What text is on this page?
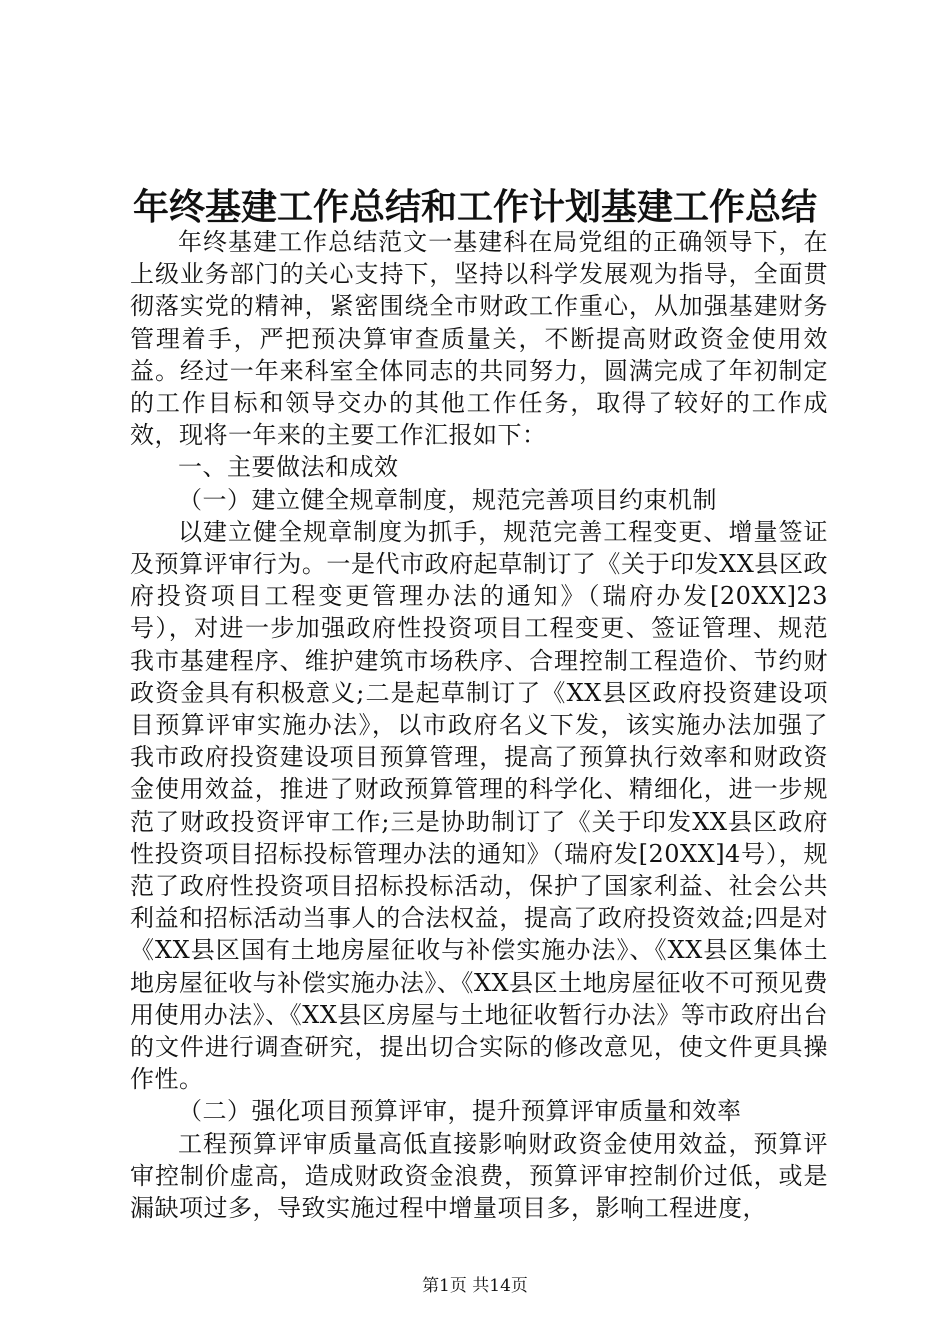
年终基建工作总结和工作计划基建工作总结

年终基建工作总结范文一基建科在局党组的正确领导下，在上级业务部门的关心支持下，坚持以科学发展观为指导，全面贯彻落实党的精神，紧密围绕全市财政工作重心，从加强基建财务管理着手，严把预决算审查质量关，不断提高财政资金使用效益。经过一年来科室全体同志的共同努力，圆满完成了年初制定的工作目标和领导交办的其他工作任务，取得了较好的工作成效，现将一年来的主要工作汇报如下：

一、主要做法和成效

（一）建立健全规章制度，规范完善项目约束机制

以建立健全规章制度为抓手，规范完善工程变更、增量签证及预算评审行为。一是代市政府起草制订了《关于印发XX县区政府投资项目工程变更管理办法的通知》（瑞府办发[20XX]23号），对进一步加强政府性投资项目工程变更、签证管理、规范我市基建程序、维护建筑市场秩序、合理控制工程造价、节约财政资金具有积极意义;二是起草制订了《XX县区政府投资建设项目预算评审实施办法》，以市政府名义下发，该实施办法加强了我市政府投资建设项目预算管理，提高了预算执行效率和财政资金使用效益，推进了财政预算管理的科学化、精细化，进一步规范了财政投资评审工作;三是协助制订了《关于印发XX县区政府性投资项目招标投标管理办法的通知》（瑞府发[20XX]4号），规范了政府性投资项目招标投标活动，保护了国家利益、社会公共利益和招标活动当事人的合法权益，提高了政府投资效益;四是对《XX县区国有土地房屋征收与补偿实施办法》、《XX县区集体土地房屋征收与补偿实施办法》、《XX县区土地房屋征收不可预见费用使用办法》、《XX县区房屋与土地征收暂行办法》等市政府出台的文件进行调查研究，提出切合实际的修改意见，使文件更具操作性。

（二）强化项目预算评审，提升预算评审质量和效率

工程预算评审质量高低直接影响财政资金使用效益，预算评审控制价虚高，造成财政资金浪费，预算评审控制价过低，或是漏缺项过多，导致实施过程中增量项目多，影响工程进度，

第1页 共14页
